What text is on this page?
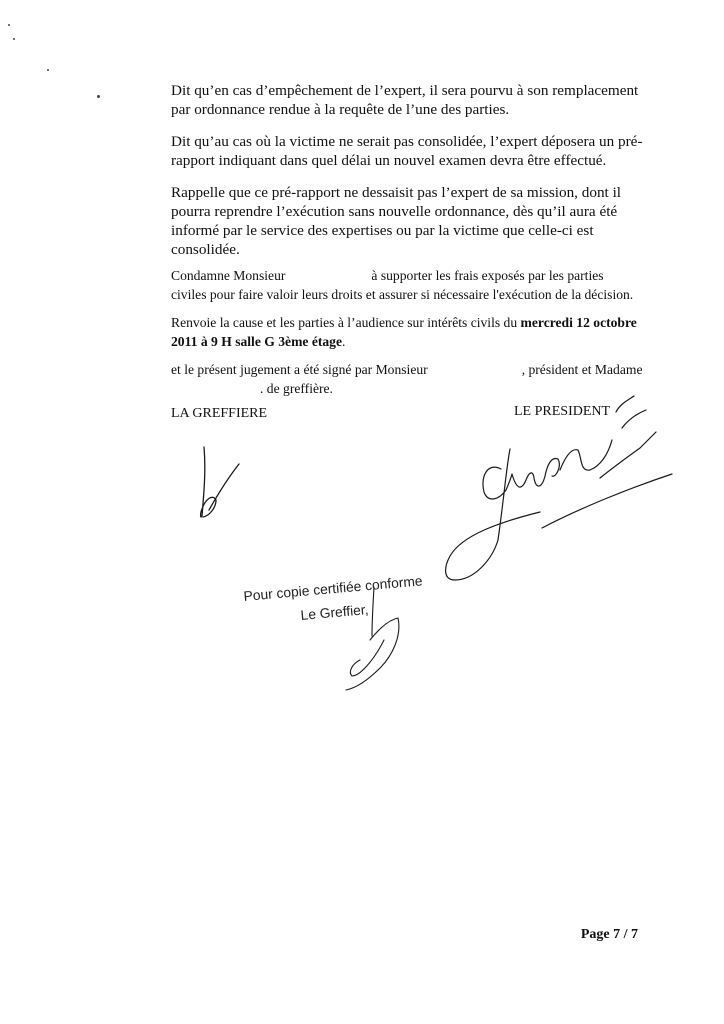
Dit qu’en cas d’empêchement de l’expert, il sera pourvu à son remplacement
par ordonnance rendue à la requête de l’une des parties.

Dit qu’au cas où la victime ne serait pas consolidée, l’expert déposera un pré-
rapport indiquant dans quel délai un nouvel examen devra être effectué.

Rappelle que ce pré-rapport ne dessaisit pas l’expert de sa mission, dont il
pourra reprendre l’exécution sans nouvelle ordonnance, dès qu’il aura été
informé par le service des expertises ou par la victime que celle-ci est
consolidée.

Condamne Monsieur	à supporter les frais exposés par les parties
civiles pour faire valoir leurs droits et assurer si nécessaire l'exécution de la décision.

Renvoie la cause et les parties à l’audience sur intérêts civils du mercredi 12 octobre
2011 à 9 H salle G 3ème étage.

et le présent jugement a été signé par Monsieur	, président et Madame
. de greffière.

LA GREFFIERE	LE PRESIDENT
Pour copie certifiée conforme
Le Greffier,
Page 7 / 7
